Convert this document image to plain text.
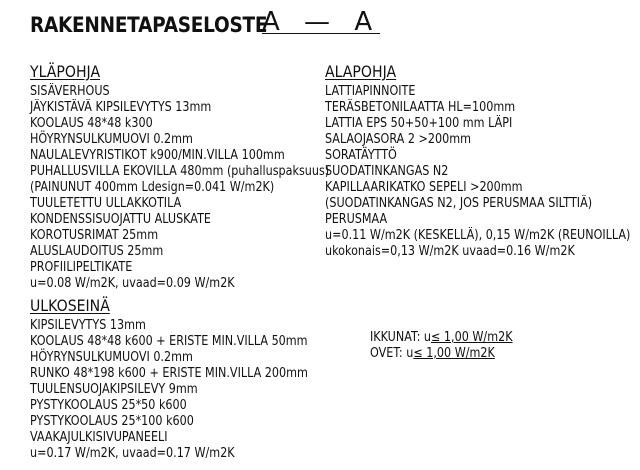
RAKENNETAPASELOSTE
A — A
YLÄPOHJA
SISÄVERHOUS
JÄYKISTÄVÄ KIPSILEVYTYS 13mm
KOOLAUS 48*48 k300
HÖYRYNSULKUMUOVI 0.2mm
NAULALEVYRISTIKOT k900/MIN.VILLA 100mm
PUHALLUSVILLA EKOVILLA 480mm (puhalluspaksuus)
(PAINUNUT 400mm Ldesign=0.041 W/m2K)
TUULETETTU ULLAKKOTILA
KONDENSSISUOJATTU ALUSKATE
KOROTUSRIMAT 25mm
ALUSLAUDOITUS 25mm
PROFIILIPELTIKATE
u=0.08 W/m2K, uvaad=0.09 W/m2K
ALAPOHJA
LATTIAPINNOITE
TERÄSBETONILAATTA HL=100mm
LATTIA EPS 50+50+100 mm LÄPI
SALAOJASORA 2 >200mm
SORATÄYTTÖ
SUODATINKANGAS N2
KAPILLAARIKATKO SEPELI >200mm
(SUODATINKANGAS N2, JOS PERUSMAA SILTTIÄ)
PERUSMAA
u=0.11 W/m2K (KESKELLÄ), 0,15 W/m2K (REUNOILLA)
ukokonais=0,13 W/m2K uvaad=0.16 W/m2K
ULKOSEINÄ
KIPSILEVYTYS 13mm
KOOLAUS 48*48 k600 + ERISTE MIN.VILLA 50mm
HÖYRYNSULKUMUOVI 0.2mm
RUNKO 48*198 k600 + ERISTE MIN.VILLA 200mm
TUULENSUOJAKIPSILEVY 9mm
PYSTYKOOLAUS 25*50 k600
PYSTYKOOLAUS 25*100 k600
VAAKAJULKISIVUPANEELI
u=0.17 W/m2K, uvaad=0.17 W/m2K
IKKUNAT: u≤ 1,00 W/m2K
OVET: u≤ 1,00 W/m2K
